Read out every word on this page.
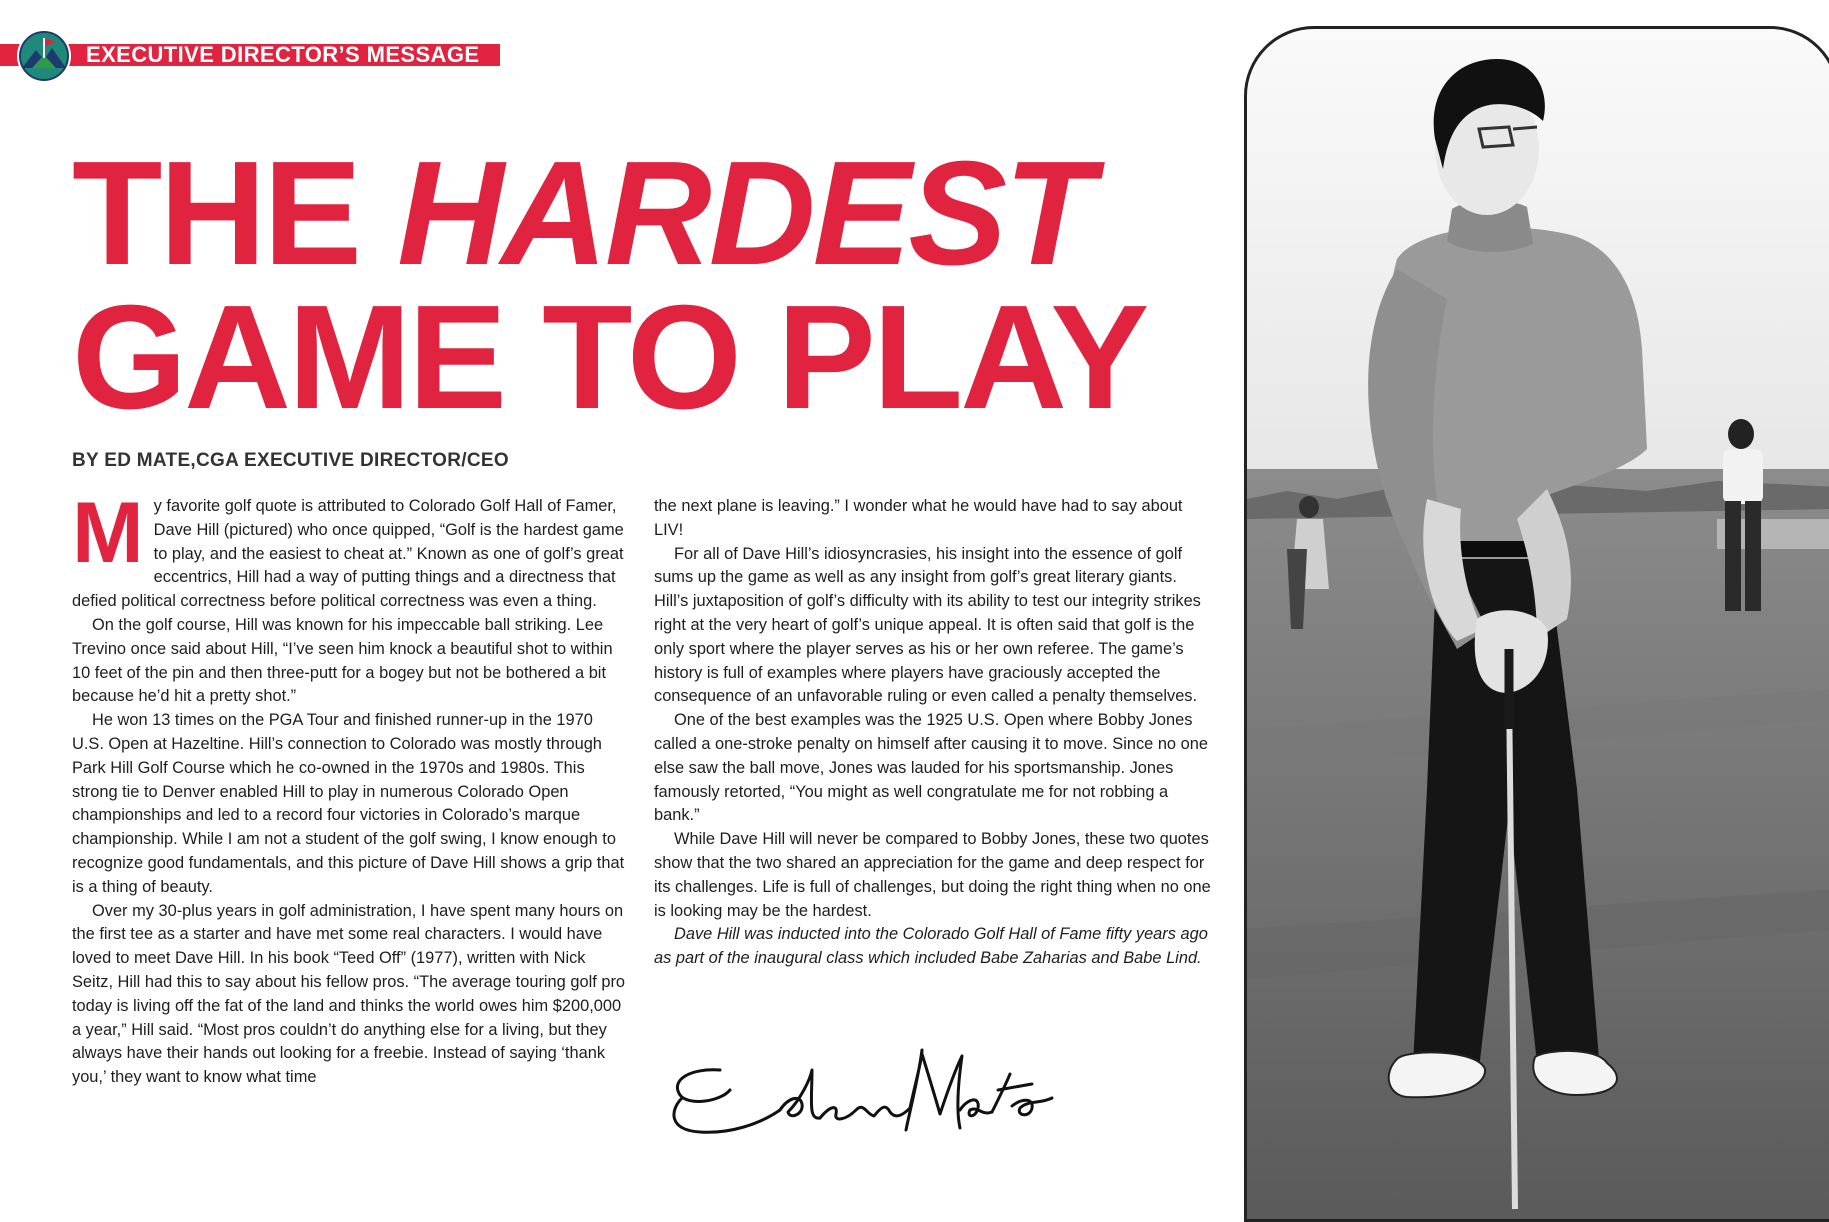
EXECUTIVE DIRECTOR’S MESSAGE
THE HARDEST
GAME TO PLAY
BY ED MATE,CGA EXECUTIVE DIRECTOR/CEO

My favorite golf quote is attributed to Colorado Golf Hall of Famer, Dave Hill (pictured) who once quipped, “Golf is the hardest game to play, and the easiest to cheat at.” Known as one of golf’s great eccentrics, Hill had a way of putting things and a directness that defied political correctness before political correctness was even a thing.

On the golf course, Hill was known for his impeccable ball striking. Lee Trevino once said about Hill, “I’ve seen him knock a beautiful shot to within 10 feet of the pin and then three-putt for a bogey but not be bothered a bit because he’d hit a pretty shot.”

He won 13 times on the PGA Tour and finished runner-up in the 1970 U.S. Open at Hazeltine. Hill’s connection to Colorado was mostly through Park Hill Golf Course which he co-owned in the 1970s and 1980s. This strong tie to Denver enabled Hill to play in numerous Colorado Open championships and led to a record four victories in Colorado’s marque championship. While I am not a student of the golf swing, I know enough to recognize good fundamentals, and this picture of Dave Hill shows a grip that is a thing of beauty.

Over my 30-plus years in golf administration, I have spent many hours on the first tee as a starter and have met some real characters. I would have loved to meet Dave Hill. In his book “Teed Off” (1977), written with Nick Seitz, Hill had this to say about his fellow pros. “The average touring golf pro today is living off the fat of the land and thinks the world owes him $200,000 a year,” Hill said. “Most pros couldn’t do anything else for a living, but they always have their hands out looking for a freebie. Instead of saying ‘thank you,’ they want to know what time

the next plane is leaving.” I wonder what he would have had to say about LIV!

For all of Dave Hill’s idiosyncrasies, his insight into the essence of golf sums up the game as well as any insight from golf’s great literary giants. Hill’s juxtaposition of golf’s difficulty with its ability to test our integrity strikes right at the very heart of golf’s unique appeal. It is often said that golf is the only sport where the player serves as his or her own referee. The game’s history is full of examples where players have graciously accepted the consequence of an unfavorable ruling or even called a penalty themselves.

One of the best examples was the 1925 U.S. Open where Bobby Jones called a one-stroke penalty on himself after causing it to move. Since no one else saw the ball move, Jones was lauded for his sportsmanship. Jones famously retorted, “You might as well congratulate me for not robbing a bank.”

While Dave Hill will never be compared to Bobby Jones, these two quotes show that the two shared an appreciation for the game and deep respect for its challenges. Life is full of challenges, but doing the right thing when no one is looking may be the hardest.

Dave Hill was inducted into the Colorado Golf Hall of Fame fifty years ago as part of the inaugural class which included Babe Zaharias and Babe Lind.
